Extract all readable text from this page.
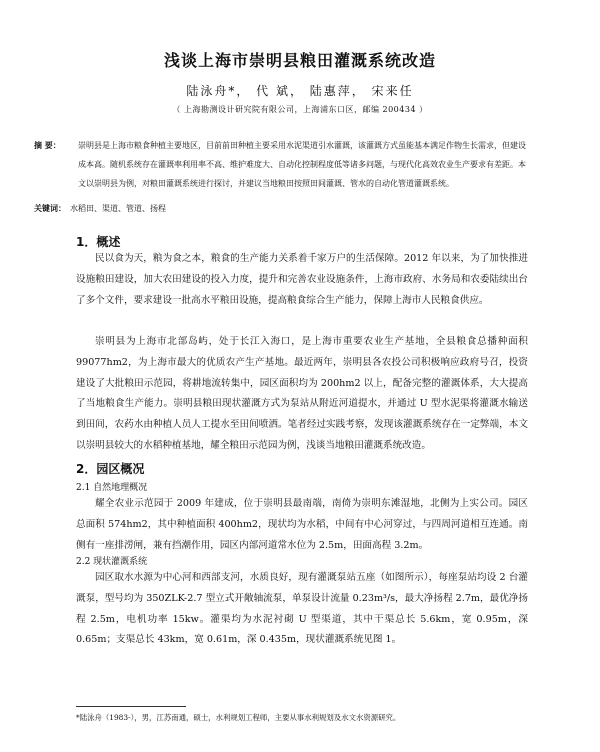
浅谈上海市崇明县粮田灌溉系统改造
陆泳舟*， 代 斌， 陆惠萍， 宋来任
（ 上海勘测设计研究院有限公司，上海浦东口区，邮编 200434 ）
摘 要： 崇明县是上海市粮食种植主要地区，目前前田种植主要采用水泥渠道引水灌溉，该灌溉方式虽能基本满足作物生长需求，但建设成本高。随机系统存在灌溉率利用率不高、维护难度大、自动化控制程度低等诸多问题，与现代化高效农业生产要求有差距。本文以崇明县为例，对粮田灌溉系统进行探讨，并建议当地粮田按照田间灌溉、管水的自动化管道灌溉系统。
关键词： 水稻田、渠道、管道、扬程
1．概述

民以食为天，粮为食之本，粮食的生产能力关系着千家万户的生活保障。2012 年以来，为了加快推进设施粮田建设，加大农田建设的投入力度，提升和完善农业设施条件，上海市政府、水务局和农委陆续出台了多个文件，要求建设一批高水平粮田设施，提高粮食综合生产能力，保障上海市人民粮食供应。

崇明县为上海市北部岛屿，处于长江入海口，是上海市重要农业生产基地，全县粮食总播种面积 99077hm2，为上海市最大的优质农产生产基地。最近两年，崇明县各农投公司积极响应政府号召，投资建设了大批粮田示范园，将耕地流转集中，园区面积均为 200hm2 以上，配备完整的灌溉体系，大大提高了当地粮食生产能力。崇明县粮田现状灌溉方式为泵站从附近河道提水，并通过 U 型水泥渠将灌溉水输送到田间，农药水由种植人员人工提水至田间喷洒。笔者经过实践考察，发现该灌溉系统存在一定弊端，本文以崇明县较大的水稻种植基地，耀全粮田示范园为例，浅谈当地粮田灌溉系统改造。

2．园区概况
2.1 自然地理概况

耀全农业示范园于 2009 年建成，位于崇明县最南端，南倚为崇明东滩湿地，北侧为上实公司。园区总面积 574hm2，其中种植面积 400hm2，现状均为水稻，中间有中心河穿过，与四周河道相互连通。南侧有一座排涝闸，兼有挡潮作用，园区内部河道常水位为 2.5m，田面高程 3.2m。

2.2 现状灌溉系统

园区取水水源为中心河和西部支河，水质良好，现有灌溉泵站五座（如图所示），每座泵站均设 2 台灌溉泵，型号均为 350ZLK-2.7 型立式开敞轴流泵，单泵设计流量 0.23m³/s，最大净扬程 2.7m，最优净扬程 2.5m，电机功率 15kw。灌渠均为水泥衬砌 U 型渠道，其中干渠总长 5.6km，宽 0.95m，深 0.65m；支渠总长 43km，宽 0.61m，深 0.435m，现状灌溉系统见图 1。

*陆泳舟（1983-），男，江苏南通，硕士，水利规划工程师，主要从事水利规划及水文水资源研究。
